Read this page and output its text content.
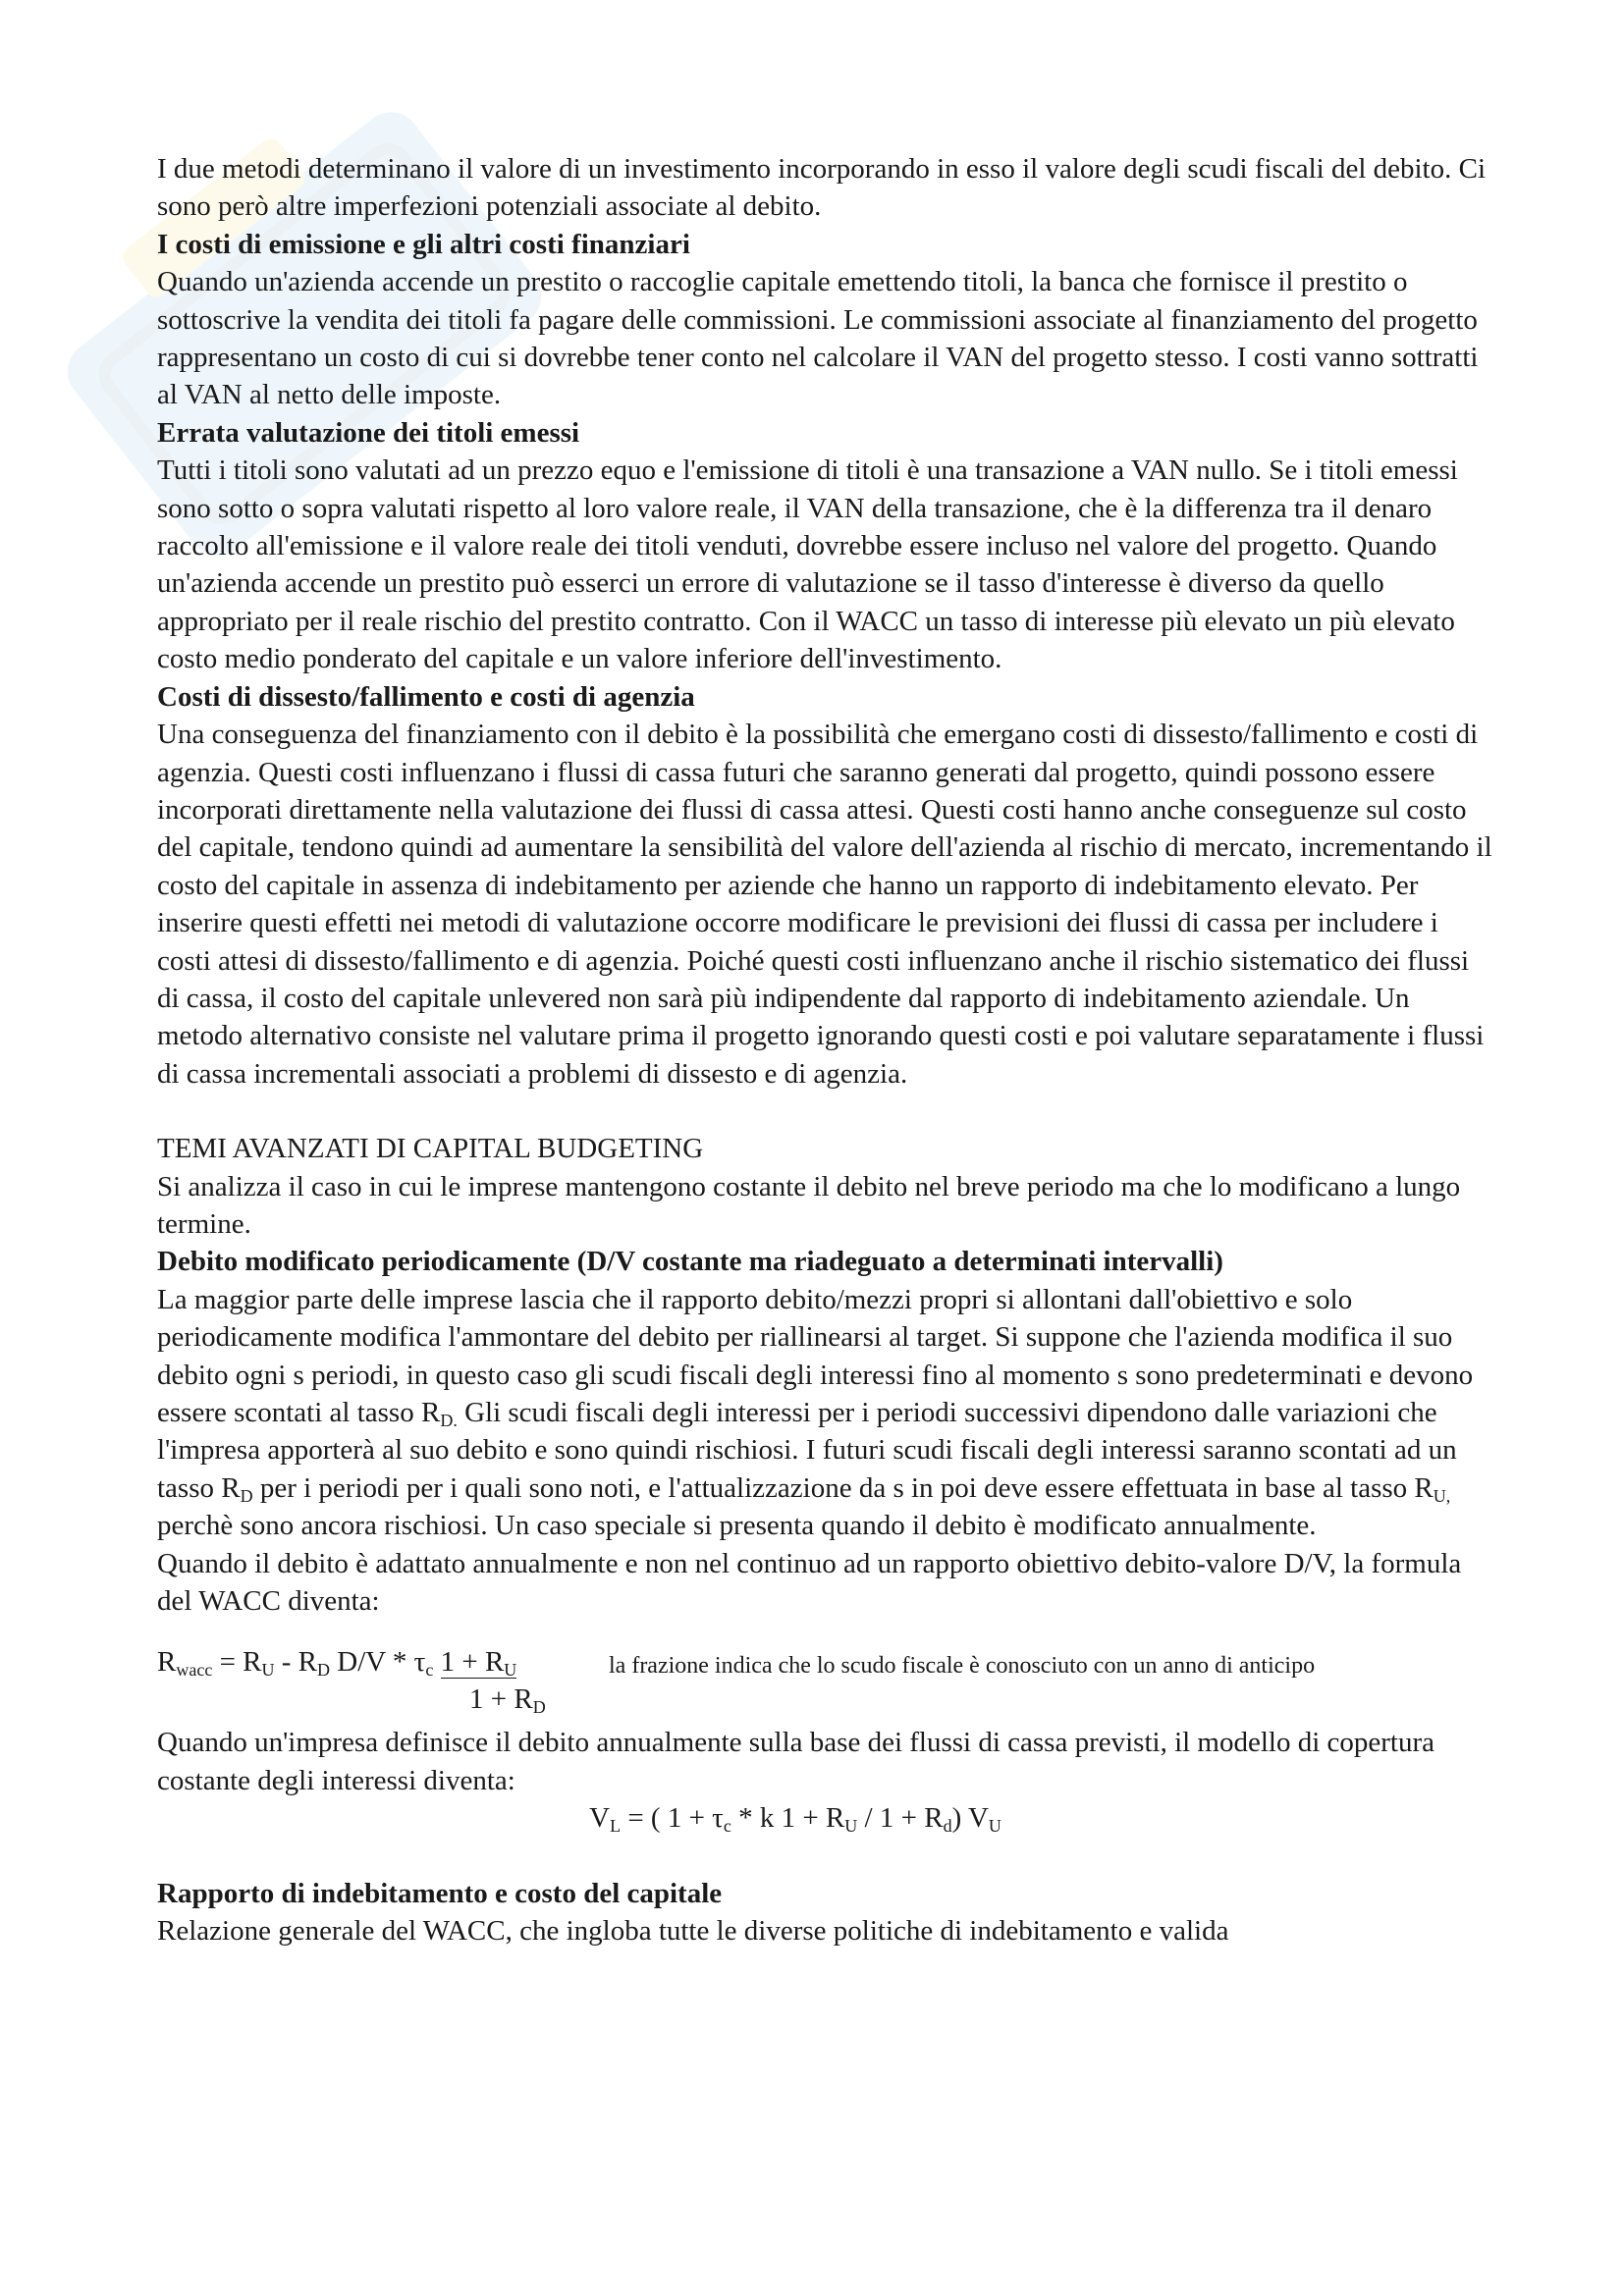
I due metodi determinano il valore di un investimento incorporando in esso il valore degli scudi fiscali del debito. Ci sono però altre imperfezioni potenziali associate al debito.

I costi di emissione e gli altri costi finanziari

Quando un'azienda accende un prestito o raccoglie capitale emettendo titoli, la banca che fornisce il prestito o sottoscrive la vendita dei titoli fa pagare delle commissioni. Le commissioni associate al finanziamento del progetto rappresentano un costo di cui si dovrebbe tener conto nel calcolare il VAN del progetto stesso. I costi vanno sottratti al VAN al netto delle imposte.

Errata valutazione dei titoli emessi

Tutti i titoli sono valutati ad un prezzo equo e l'emissione di titoli è una transazione a VAN nullo. Se i titoli emessi sono sotto o sopra valutati rispetto al loro valore reale, il VAN della transazione, che è la differenza tra il denaro raccolto all'emissione e il valore reale dei titoli venduti, dovrebbe essere incluso nel valore del progetto. Quando un'azienda accende un prestito può esserci un errore di valutazione se il tasso d'interesse è diverso da quello appropriato per il reale rischio del prestito contratto. Con il WACC un tasso di interesse più elevato un più elevato costo medio ponderato del capitale e un valore inferiore dell'investimento.

Costi di dissesto/fallimento e costi di agenzia

Una conseguenza del finanziamento con il debito è la possibilità che emergano costi di dissesto/fallimento e costi di agenzia. Questi costi influenzano i flussi di cassa futuri che saranno generati dal progetto, quindi possono essere incorporati direttamente nella valutazione dei flussi di cassa attesi. Questi costi hanno anche conseguenze sul costo del capitale, tendono quindi ad aumentare la sensibilità del valore dell'azienda al rischio di mercato, incrementando il costo del capitale in assenza di indebitamento per aziende che hanno un rapporto di indebitamento elevato. Per inserire questi effetti nei metodi di valutazione occorre modificare le previsioni dei flussi di cassa per includere i costi attesi di dissesto/fallimento e di agenzia. Poiché questi costi influenzano anche il rischio sistematico dei flussi di cassa, il costo del capitale unlevered non sarà più indipendente dal rapporto di indebitamento aziendale. Un metodo alternativo consiste nel valutare prima il progetto ignorando questi costi e poi valutare separatamente i flussi di cassa incrementali associati a problemi di dissesto e di agenzia.

TEMI AVANZATI DI CAPITAL BUDGETING

Si analizza il caso in cui le imprese mantengono costante il debito nel breve periodo ma che lo modificano a lungo termine.

Debito modificato periodicamente (D/V costante ma riadeguato a determinati intervalli)

La maggior parte delle imprese lascia che il rapporto debito/mezzi propri si allontani dall'obiettivo e solo periodicamente modifica l'ammontare del debito per riallinearsi al target. Si suppone che l'azienda modifica il suo debito ogni s periodi, in questo caso gli scudi fiscali degli interessi fino al momento s sono predeterminati e devono essere scontati al tasso $R_{D.}$ Gli scudi fiscali degli interessi per i periodi successivi dipendono dalle variazioni che l'impresa apporterà al suo debito e sono quindi rischiosi. I futuri scudi fiscali degli interessi saranno scontati ad un tasso $R_D$ per i periodi per i quali sono noti, e l'attualizzazione da s in poi deve essere effettuata in base al tasso $R_{U,}$ perchè sono ancora rischiosi. Un caso speciale si presenta quando il debito è modificato annualmente.

Quando il debito è adattato annualmente e non nel continuo ad un rapporto obiettivo debito-valore D/V, la formula del WACC diventa:

$R_{wacc} = R_U - R_D$ $D/V * \tau_c$ $1 + R_U$
$1 + R_D$
la frazione indica che lo scudo fiscale è conosciuto con un anno di anticipo

Quando un'impresa definisce il debito annualmente sulla base dei flussi di cassa previsti, il modello di copertura costante degli interessi diventa:

$V_L$ = ( $1 + \tau_c * k$ $1 + R_U / 1 + R_d$) $V_U$

Rapporto di indebitamento e costo del capitale

Relazione generale del WACC, che ingloba tutte le diverse politiche di indebitamento e valida
